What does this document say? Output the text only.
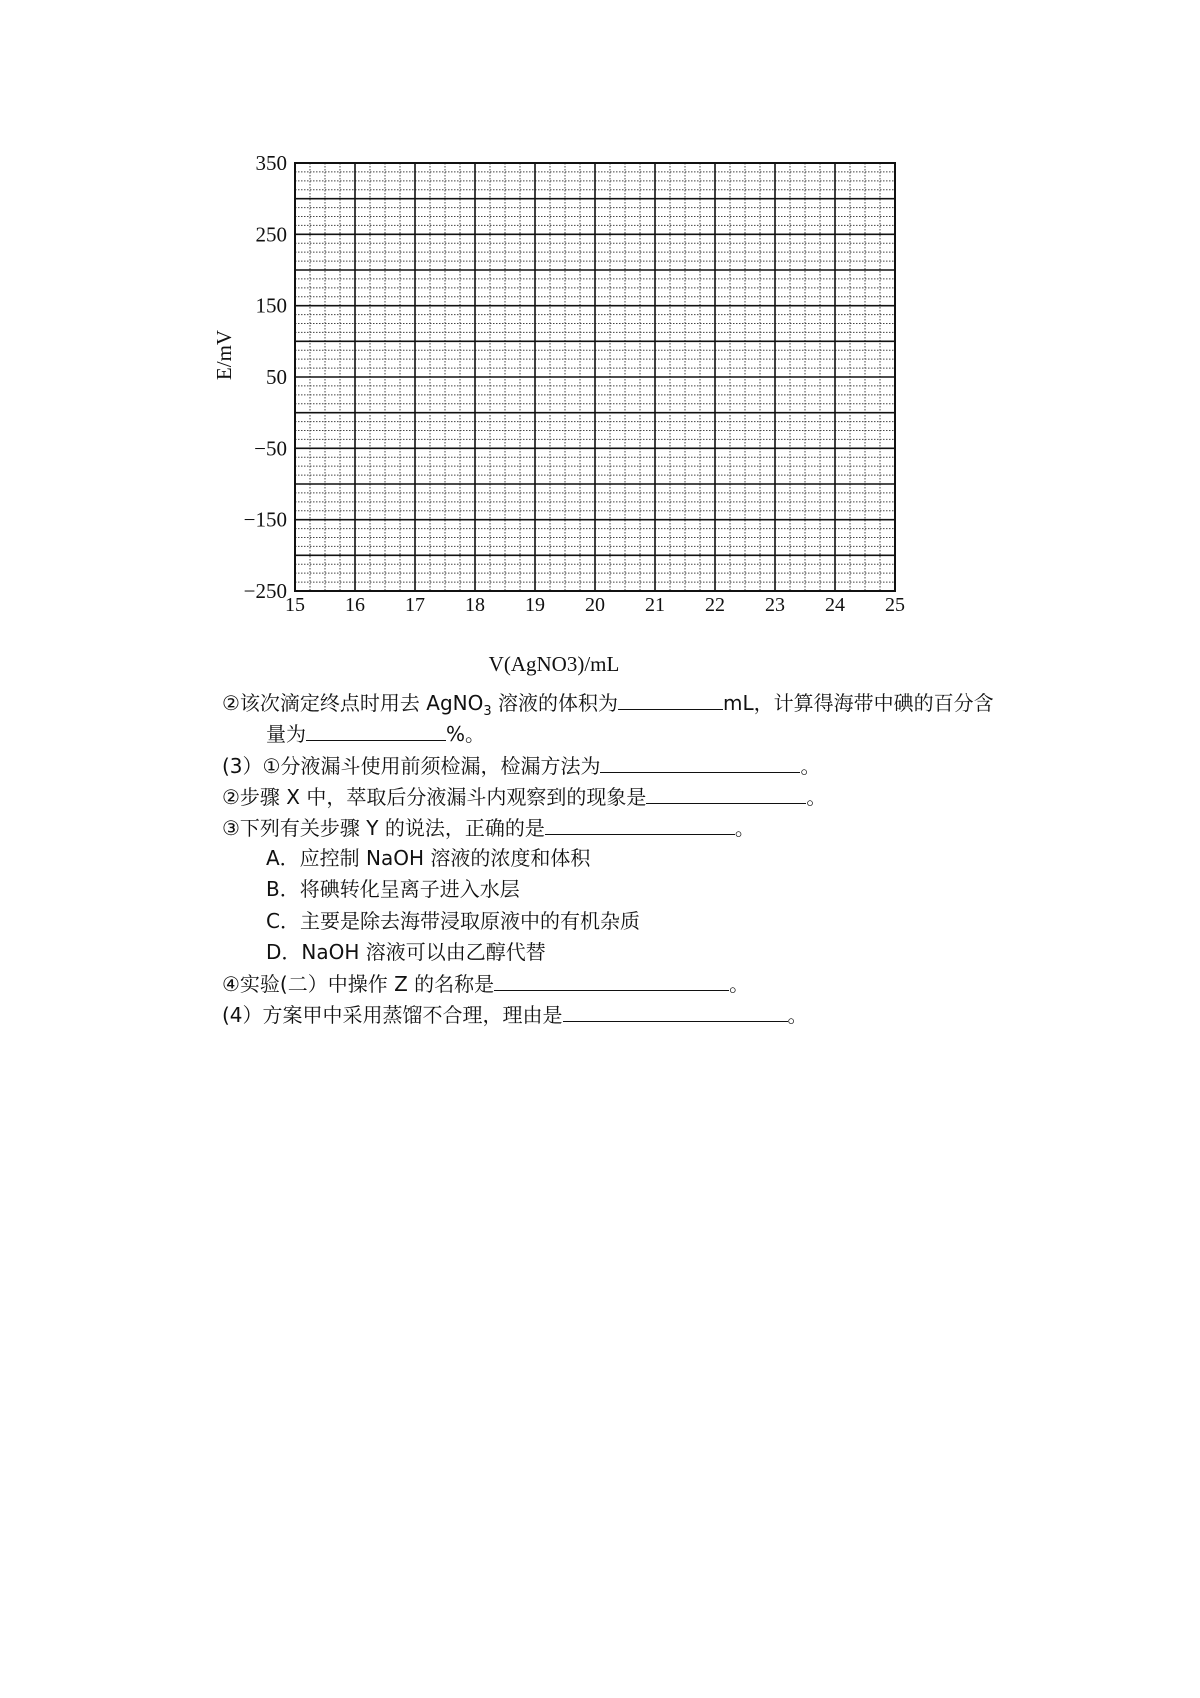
15 16 17 18 19 20 21 22 23 24 25
350
250
150
50
−50
−150
−250
E/mV
V(AgNO3)/mL
②该次滴定终点时用去 AgNO$_3$ 溶液的体积为	mL，计算得海带中碘的百分含
量为	%。
(3）①分液漏斗使用前须检漏，检漏方法为	。
②步骤 X 中，萃取后分液漏斗内观察到的现象是	。
③下列有关步骤 Y 的说法，正确的是	。
A．应控制 NaOH 溶液的浓度和体积
B．将碘转化呈离子进入水层
C．主要是除去海带浸取原液中的有机杂质
D．NaOH 溶液可以由乙醇代替
④实验(二）中操作 Z 的名称是	。
(4）方案甲中采用蒸馏不合理，理由是	。
